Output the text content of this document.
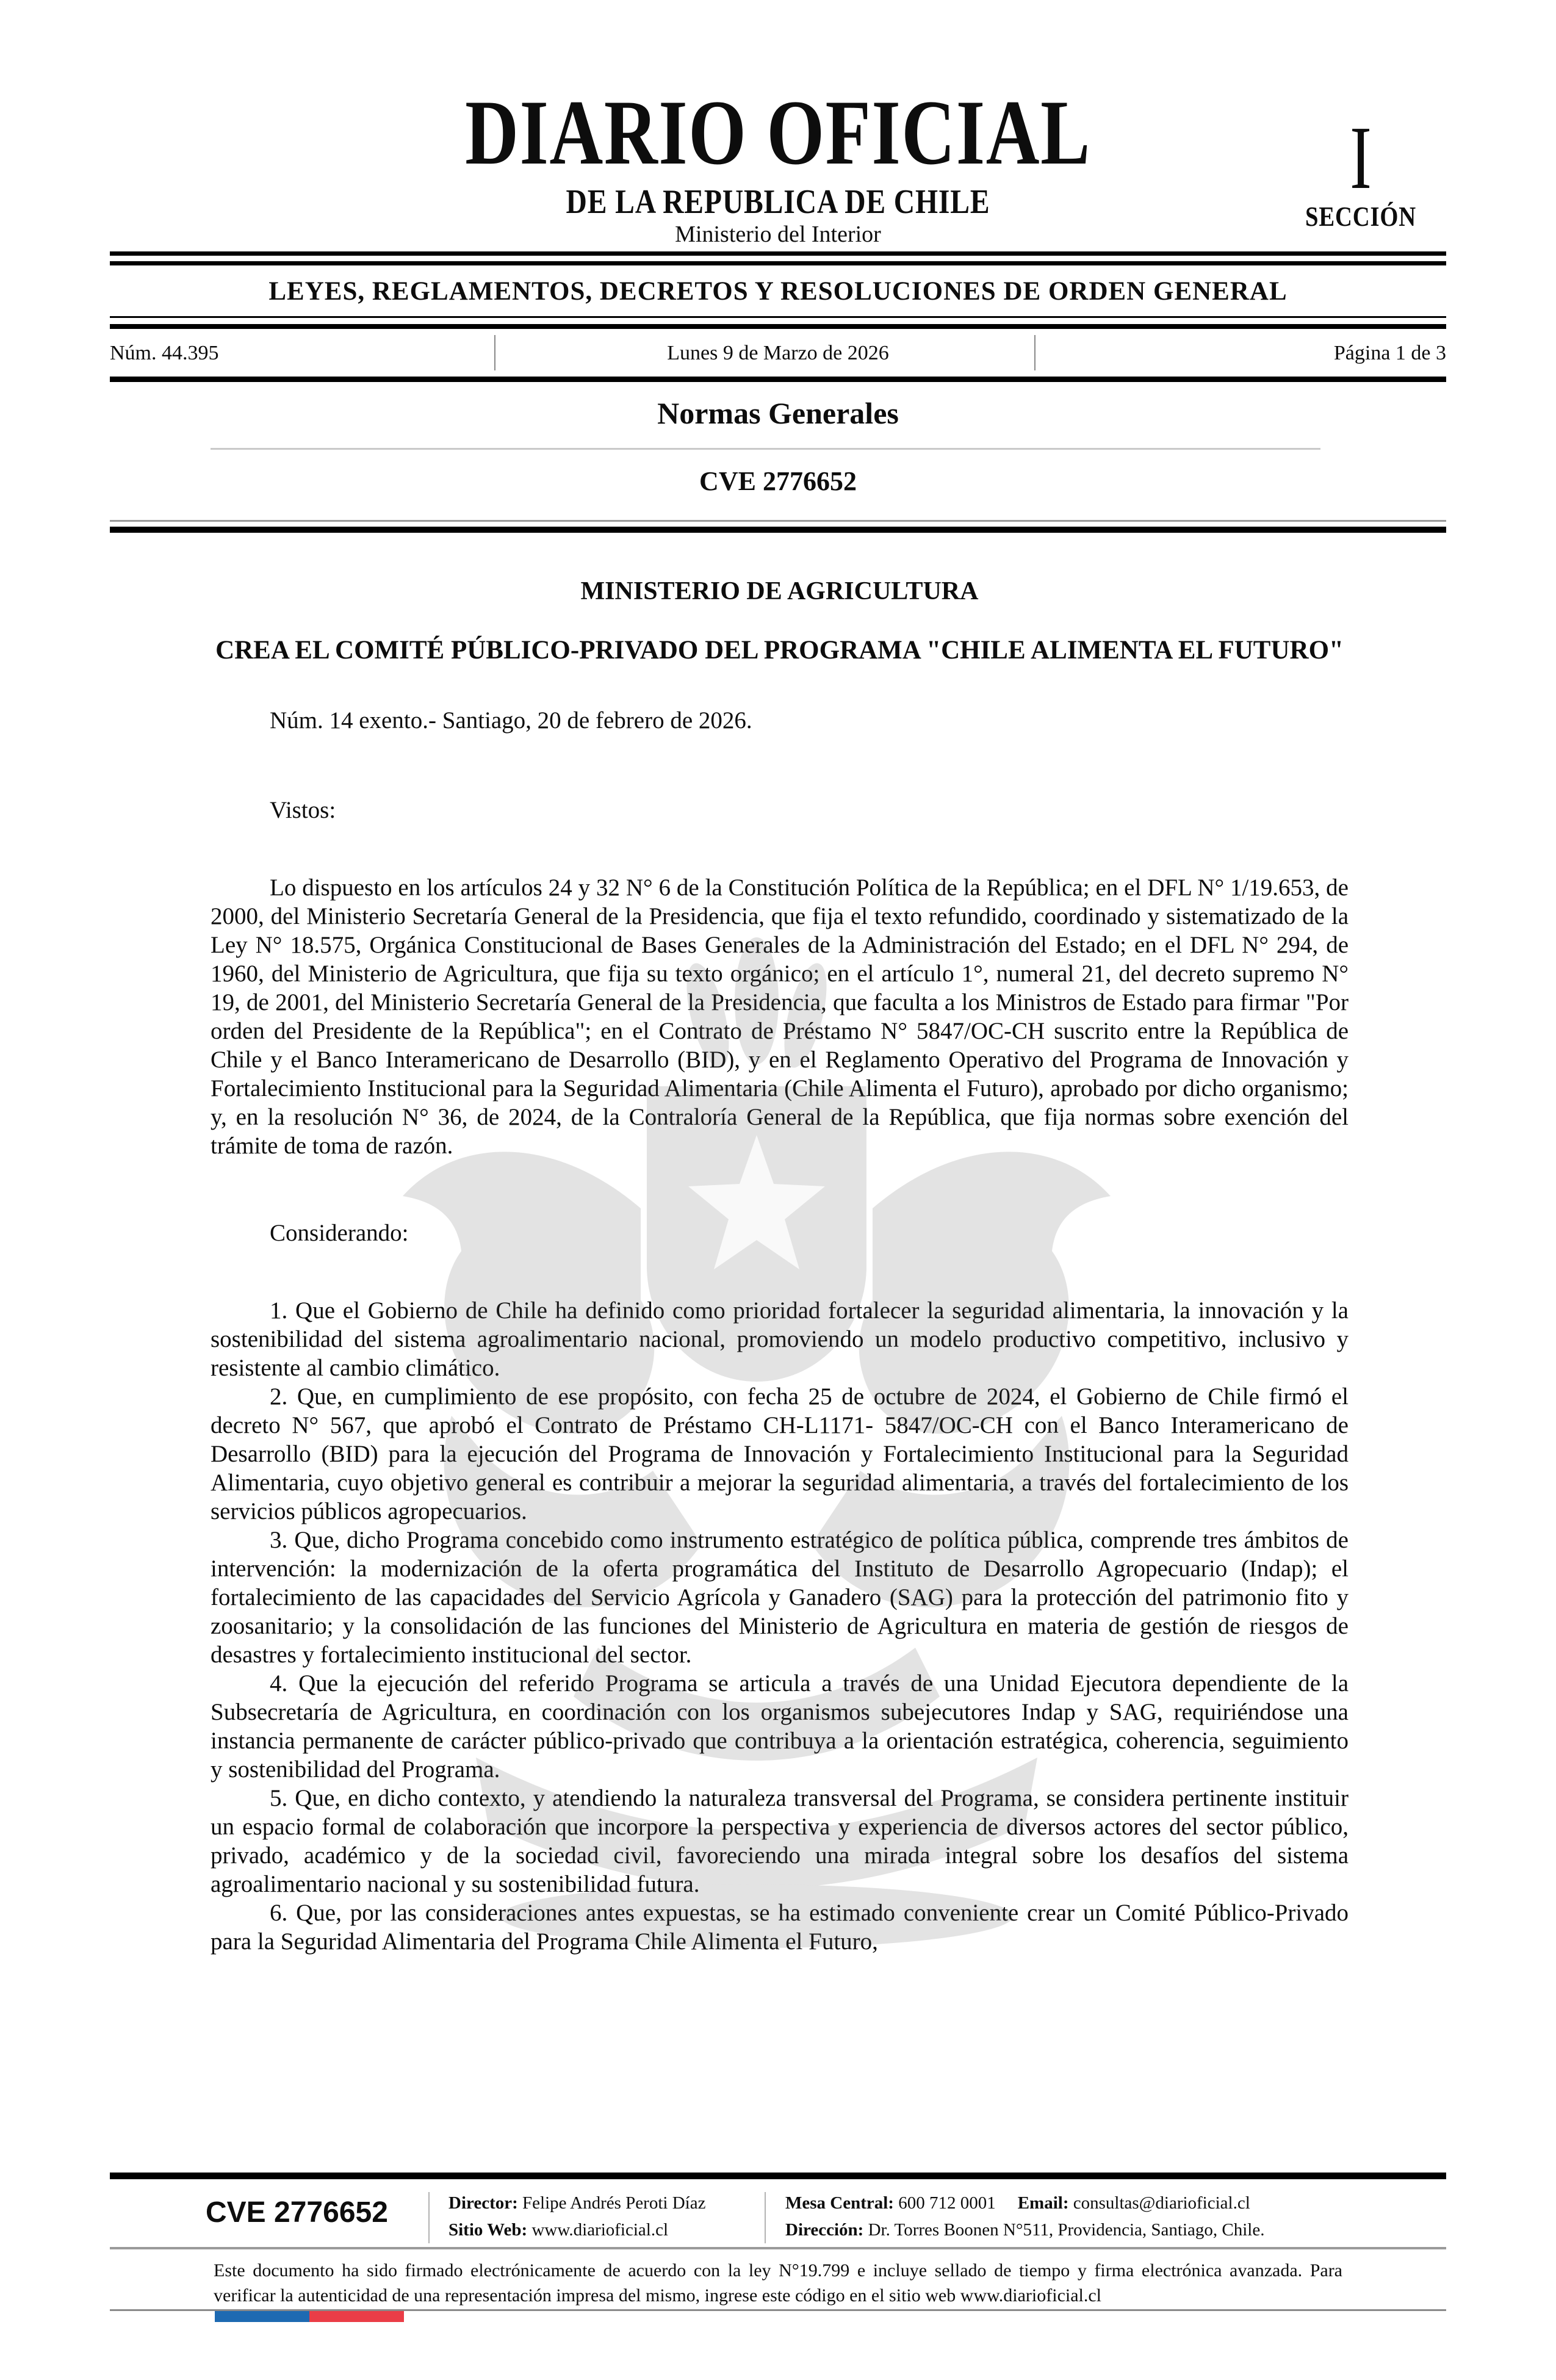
DIARIO OFICIAL
DE LA REPUBLICA DE CHILE
Ministerio del Interior
I
SECCIÓN
LEYES, REGLAMENTOS, DECRETOS Y RESOLUCIONES DE ORDEN GENERAL
Núm. 44.395	Lunes 9 de Marzo de 2026	Página 1 de 3
Normas Generales
CVE 2776652
MINISTERIO DE AGRICULTURA
CREA EL COMITÉ PÚBLICO-PRIVADO DEL PROGRAMA "CHILE ALIMENTA EL FUTURO"

Núm. 14 exento.- Santiago, 20 de febrero de 2026.

Vistos:

Lo dispuesto en los artículos 24 y 32 N° 6 de la Constitución Política de la República; en el DFL N° 1/19.653, de 2000, del Ministerio Secretaría General de la Presidencia, que fija el texto refundido, coordinado y sistematizado de la Ley N° 18.575, Orgánica Constitucional de Bases Generales de la Administración del Estado; en el DFL N° 294, de 1960, del Ministerio de Agricultura, que fija su texto orgánico; en el artículo 1°, numeral 21, del decreto supremo N° 19, de 2001, del Ministerio Secretaría General de la Presidencia, que faculta a los Ministros de Estado para firmar "Por orden del Presidente de la República"; en el Contrato de Préstamo N° 5847/OC-CH suscrito entre la República de Chile y el Banco Interamericano de Desarrollo (BID), y en el Reglamento Operativo del Programa de Innovación y Fortalecimiento Institucional para la Seguridad Alimentaria (Chile Alimenta el Futuro), aprobado por dicho organismo; y, en la resolución N° 36, de 2024, de la Contraloría General de la República, que fija normas sobre exención del trámite de toma de razón.

Considerando:

1. Que el Gobierno de Chile ha definido como prioridad fortalecer la seguridad alimentaria, la innovación y la sostenibilidad del sistema agroalimentario nacional, promoviendo un modelo productivo competitivo, inclusivo y resistente al cambio climático.

2. Que, en cumplimiento de ese propósito, con fecha 25 de octubre de 2024, el Gobierno de Chile firmó el decreto N° 567, que aprobó el Contrato de Préstamo CH-L1171- 5847/OC-CH con el Banco Interamericano de Desarrollo (BID) para la ejecución del Programa de Innovación y Fortalecimiento Institucional para la Seguridad Alimentaria, cuyo objetivo general es contribuir a mejorar la seguridad alimentaria, a través del fortalecimiento de los servicios públicos agropecuarios.

3. Que, dicho Programa concebido como instrumento estratégico de política pública, comprende tres ámbitos de intervención: la modernización de la oferta programática del Instituto de Desarrollo Agropecuario (Indap); el fortalecimiento de las capacidades del Servicio Agrícola y Ganadero (SAG) para la protección del patrimonio fito y zoosanitario; y la consolidación de las funciones del Ministerio de Agricultura en materia de gestión de riesgos de desastres y fortalecimiento institucional del sector.

4. Que la ejecución del referido Programa se articula a través de una Unidad Ejecutora dependiente de la Subsecretaría de Agricultura, en coordinación con los organismos subejecutores Indap y SAG, requiriéndose una instancia permanente de carácter público-privado que contribuya a la orientación estratégica, coherencia, seguimiento y sostenibilidad del Programa.

5. Que, en dicho contexto, y atendiendo la naturaleza transversal del Programa, se considera pertinente instituir un espacio formal de colaboración que incorpore la perspectiva y experiencia de diversos actores del sector público, privado, académico y de la sociedad civil, favoreciendo una mirada integral sobre los desafíos del sistema agroalimentario nacional y su sostenibilidad futura.

6. Que, por las consideraciones antes expuestas, se ha estimado conveniente crear un Comité Público-Privado para la Seguridad Alimentaria del Programa Chile Alimenta el Futuro,

CVE 2776652	Director: Felipe Andrés Peroti Díaz
Sitio Web: www.diarioficial.cl
Mesa Central: 600 712 0001 Email: consultas@diarioficial.cl
Dirección: Dr. Torres Boonen N°511, Providencia, Santiago, Chile.
Este documento ha sido firmado electrónicamente de acuerdo con la ley N°19.799 e incluye sellado de tiempo y firma electrónica avanzada. Para verificar la autenticidad de una representación impresa del mismo, ingrese este código en el sitio web www.diarioficial.cl
